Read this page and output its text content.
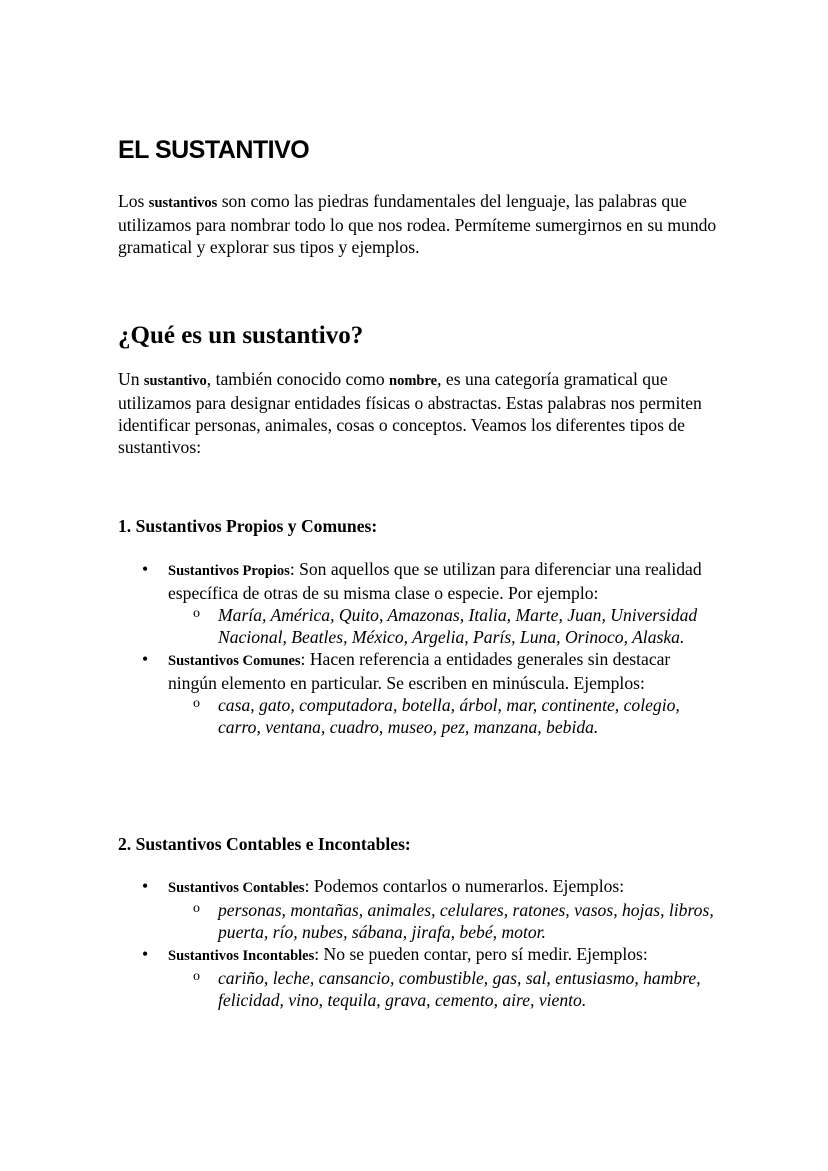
EL SUSTANTIVO

Los sustantivos son como las piedras fundamentales del lenguaje, las palabras que utilizamos para nombrar todo lo que nos rodea. Permíteme sumergirnos en su mundo gramatical y explorar sus tipos y ejemplos.

¿Qué es un sustantivo?

Un sustantivo, también conocido como nombre, es una categoría gramatical que utilizamos para designar entidades físicas o abstractas. Estas palabras nos permiten identificar personas, animales, cosas o conceptos. Veamos los diferentes tipos de sustantivos:

1. Sustantivos Propios y Comunes:
• Sustantivos Propios: Son aquellos que se utilizan para diferenciar una realidad específica de otras de su misma clase o especie. Por ejemplo:
o María, América, Quito, Amazonas, Italia, Marte, Juan, Universidad Nacional, Beatles, México, Argelia, París, Luna, Orinoco, Alaska.
• Sustantivos Comunes: Hacen referencia a entidades generales sin destacar ningún elemento en particular. Se escriben en minúscula. Ejemplos:
o casa, gato, computadora, botella, árbol, mar, continente, colegio, carro, ventana, cuadro, museo, pez, manzana, bebida.
2. Sustantivos Contables e Incontables:
• Sustantivos Contables: Podemos contarlos o numerarlos. Ejemplos:
o personas, montañas, animales, celulares, ratones, vasos, hojas, libros, puerta, río, nubes, sábana, jirafa, bebé, motor.
• Sustantivos Incontables: No se pueden contar, pero sí medir. Ejemplos:
o cariño, leche, cansancio, combustible, gas, sal, entusiasmo, hambre, felicidad, vino, tequila, grava, cemento, aire, viento.
